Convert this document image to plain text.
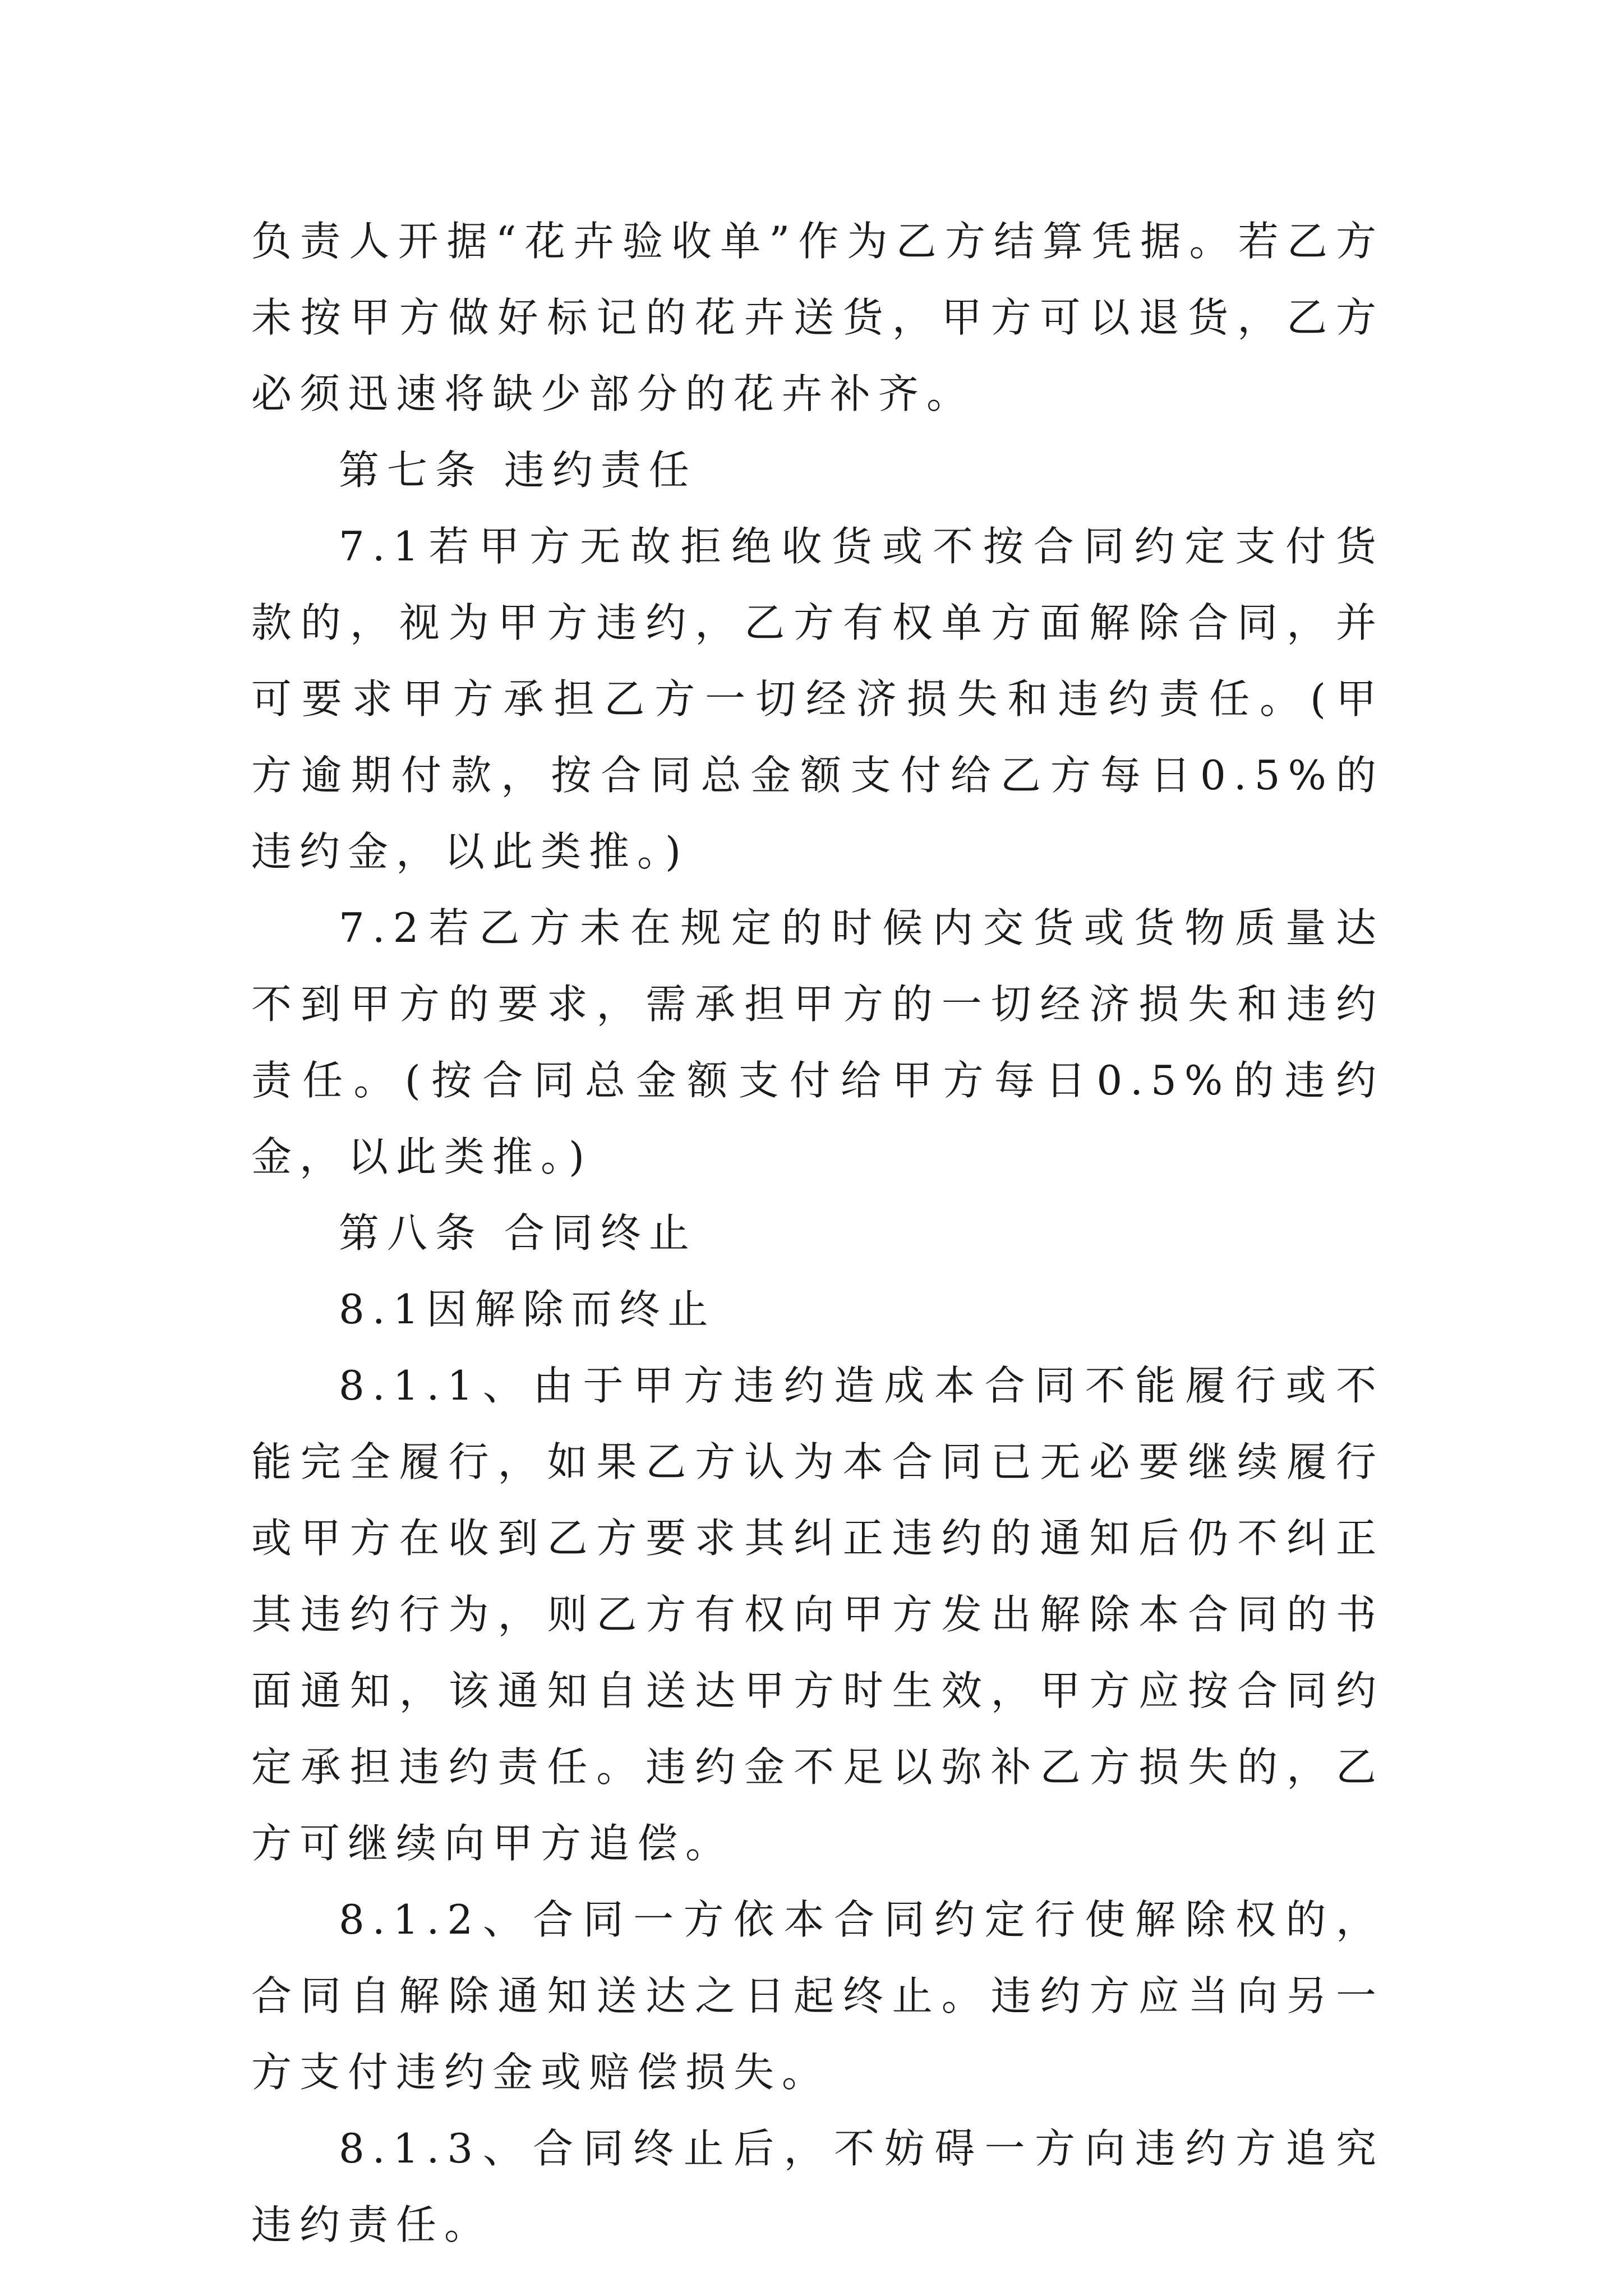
负责人开据“花卉验收单”作为乙方结算凭据。若乙方未按甲方做好标记的花卉送货，甲方可以退货，乙方必须迅速将缺少部分的花卉补齐。

第七条 违约责任

7.1若甲方无故拒绝收货或不按合同约定支付货款的，视为甲方违约，乙方有权单方面解除合同，并可要求甲方承担乙方一切经济损失和违约责任。(甲方逾期付款，按合同总金额支付给乙方每日0.5%的违约金，以此类推。)

7.2若乙方未在规定的时候内交货或货物质量达不到甲方的要求，需承担甲方的一切经济损失和违约责任。(按合同总金额支付给甲方每日0.5%的违约金，以此类推。)

第八条 合同终止

8.1因解除而终止

8.1.1、由于甲方违约造成本合同不能履行或不能完全履行，如果乙方认为本合同已无必要继续履行或甲方在收到乙方要求其纠正违约的通知后仍不纠正其违约行为，则乙方有权向甲方发出解除本合同的书面通知，该通知自送达甲方时生效，甲方应按合同约定承担违约责任。违约金不足以弥补乙方损失的，乙方可继续向甲方追偿。

8.1.2、合同一方依本合同约定行使解除权的，合同自解除通知送达之日起终止。违约方应当向另一方支付违约金或赔偿损失。

8.1.3、合同终止后，不妨碍一方向违约方追究违约责任。
